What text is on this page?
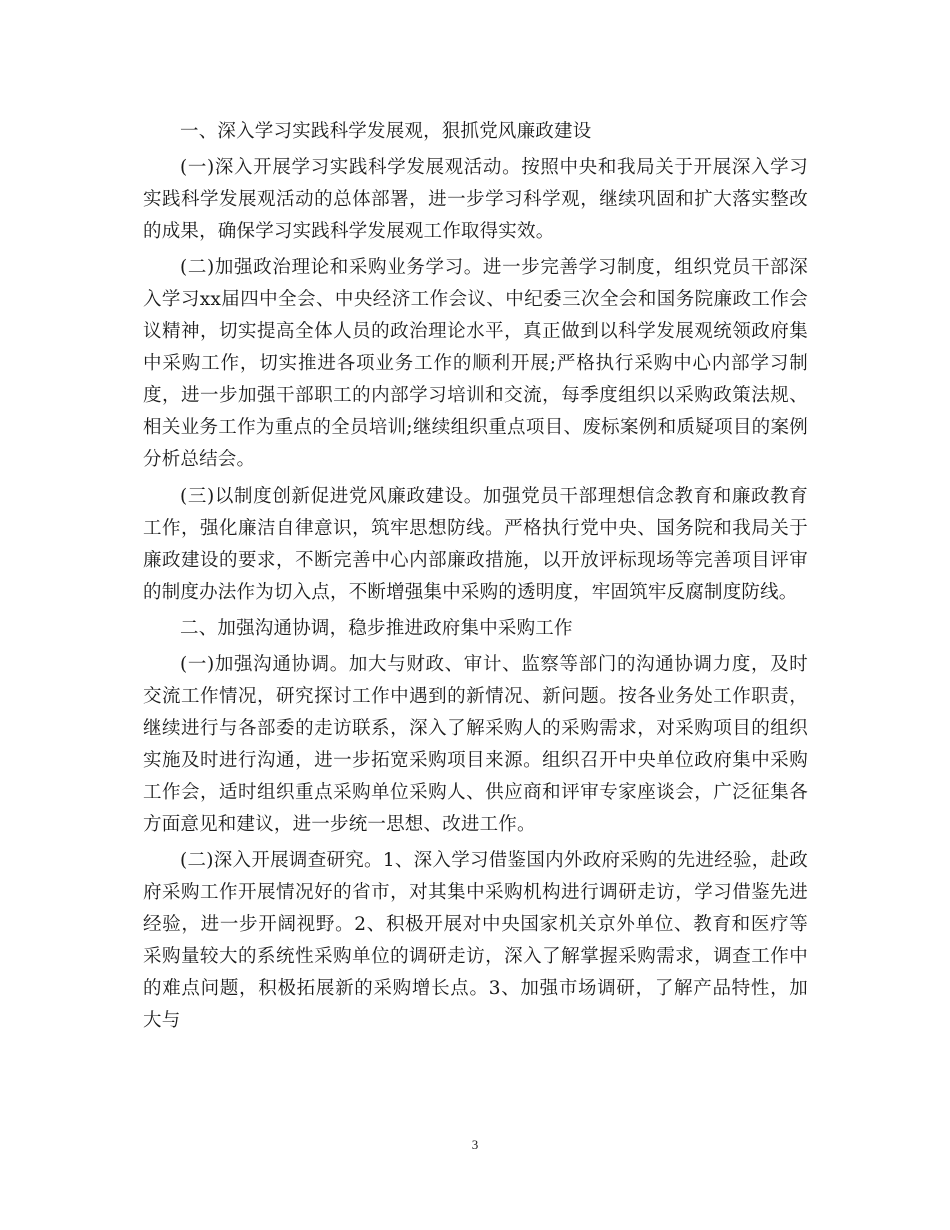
一、深入学习实践科学发展观，狠抓党风廉政建设

(一)深入开展学习实践科学发展观活动。按照中央和我局关于开展深入学习实践科学发展观活动的总体部署，进一步学习科学观，继续巩固和扩大落实整改的成果，确保学习实践科学发展观工作取得实效。

(二)加强政治理论和采购业务学习。进一步完善学习制度，组织党员干部深入学习xx届四中全会、中央经济工作会议、中纪委三次全会和国务院廉政工作会议精神，切实提高全体人员的政治理论水平，真正做到以科学发展观统领政府集中采购工作，切实推进各项业务工作的顺利开展;严格执行采购中心内部学习制度，进一步加强干部职工的内部学习培训和交流，每季度组织以采购政策法规、相关业务工作为重点的全员培训;继续组织重点项目、废标案例和质疑项目的案例分析总结会。

(三)以制度创新促进党风廉政建设。加强党员干部理想信念教育和廉政教育工作，强化廉洁自律意识，筑牢思想防线。严格执行党中央、国务院和我局关于廉政建设的要求，不断完善中心内部廉政措施，以开放评标现场等完善项目评审的制度办法作为切入点，不断增强集中采购的透明度，牢固筑牢反腐制度防线。

二、加强沟通协调，稳步推进政府集中采购工作

(一)加强沟通协调。加大与财政、审计、监察等部门的沟通协调力度，及时交流工作情况，研究探讨工作中遇到的新情况、新问题。按各业务处工作职责，继续进行与各部委的走访联系，深入了解采购人的采购需求，对采购项目的组织实施及时进行沟通，进一步拓宽采购项目来源。组织召开中央单位政府集中采购工作会，适时组织重点采购单位采购人、供应商和评审专家座谈会，广泛征集各方面意见和建议，进一步统一思想、改进工作。

(二)深入开展调查研究。1、深入学习借鉴国内外政府采购的先进经验，赴政府采购工作开展情况好的省市，对其集中采购机构进行调研走访，学习借鉴先进经验，进一步开阔视野。2、积极开展对中央国家机关京外单位、教育和医疗等采购量较大的系统性采购单位的调研走访，深入了解掌握采购需求，调查工作中的难点问题，积极拓展新的采购增长点。3、加强市场调研，了解产品特性，加大与

3
